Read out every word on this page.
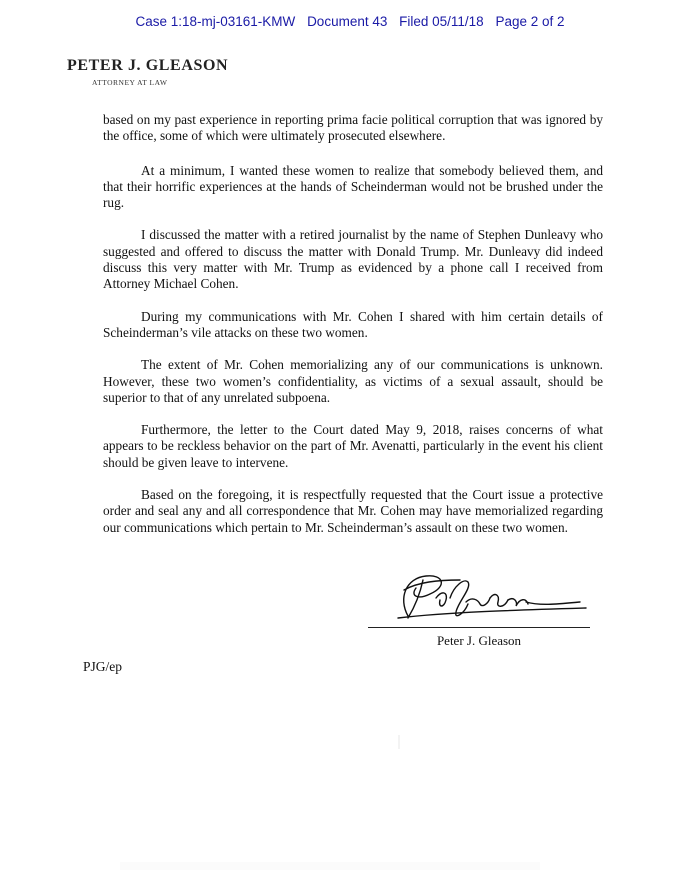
Case 1:18-mj-03161-KMW Document 43 Filed 05/11/18 Page 2 of 2
PETER J. GLEASON
ATTORNEY AT LAW

based on my past experience in reporting prima facie political corruption that was ignored by the office, some of which were ultimately prosecuted elsewhere.

At a minimum, I wanted these women to realize that somebody believed them, and that their horrific experiences at the hands of Scheinderman would not be brushed under the rug.

I discussed the matter with a retired journalist by the name of Stephen Dunleavy who suggested and offered to discuss the matter with Donald Trump. Mr. Dunleavy did indeed discuss this very matter with Mr. Trump as evidenced by a phone call I received from Attorney Michael Cohen.

During my communications with Mr. Cohen I shared with him certain details of Scheinderman’s vile attacks on these two women.

The extent of Mr. Cohen memorializing any of our communications is unknown. However, these two women’s confidentiality, as victims of a sexual assault, should be superior to that of any unrelated subpoena.

Furthermore, the letter to the Court dated May 9, 2018, raises concerns of what appears to be reckless behavior on the part of Mr. Avenatti, particularly in the event his client should be given leave to intervene.

Based on the foregoing, it is respectfully requested that the Court issue a protective order and seal any and all correspondence that Mr. Cohen may have memorialized regarding our communications which pertain to Mr. Scheinderman’s assault on these two women.

Peter J. Gleason
PJG/ep
